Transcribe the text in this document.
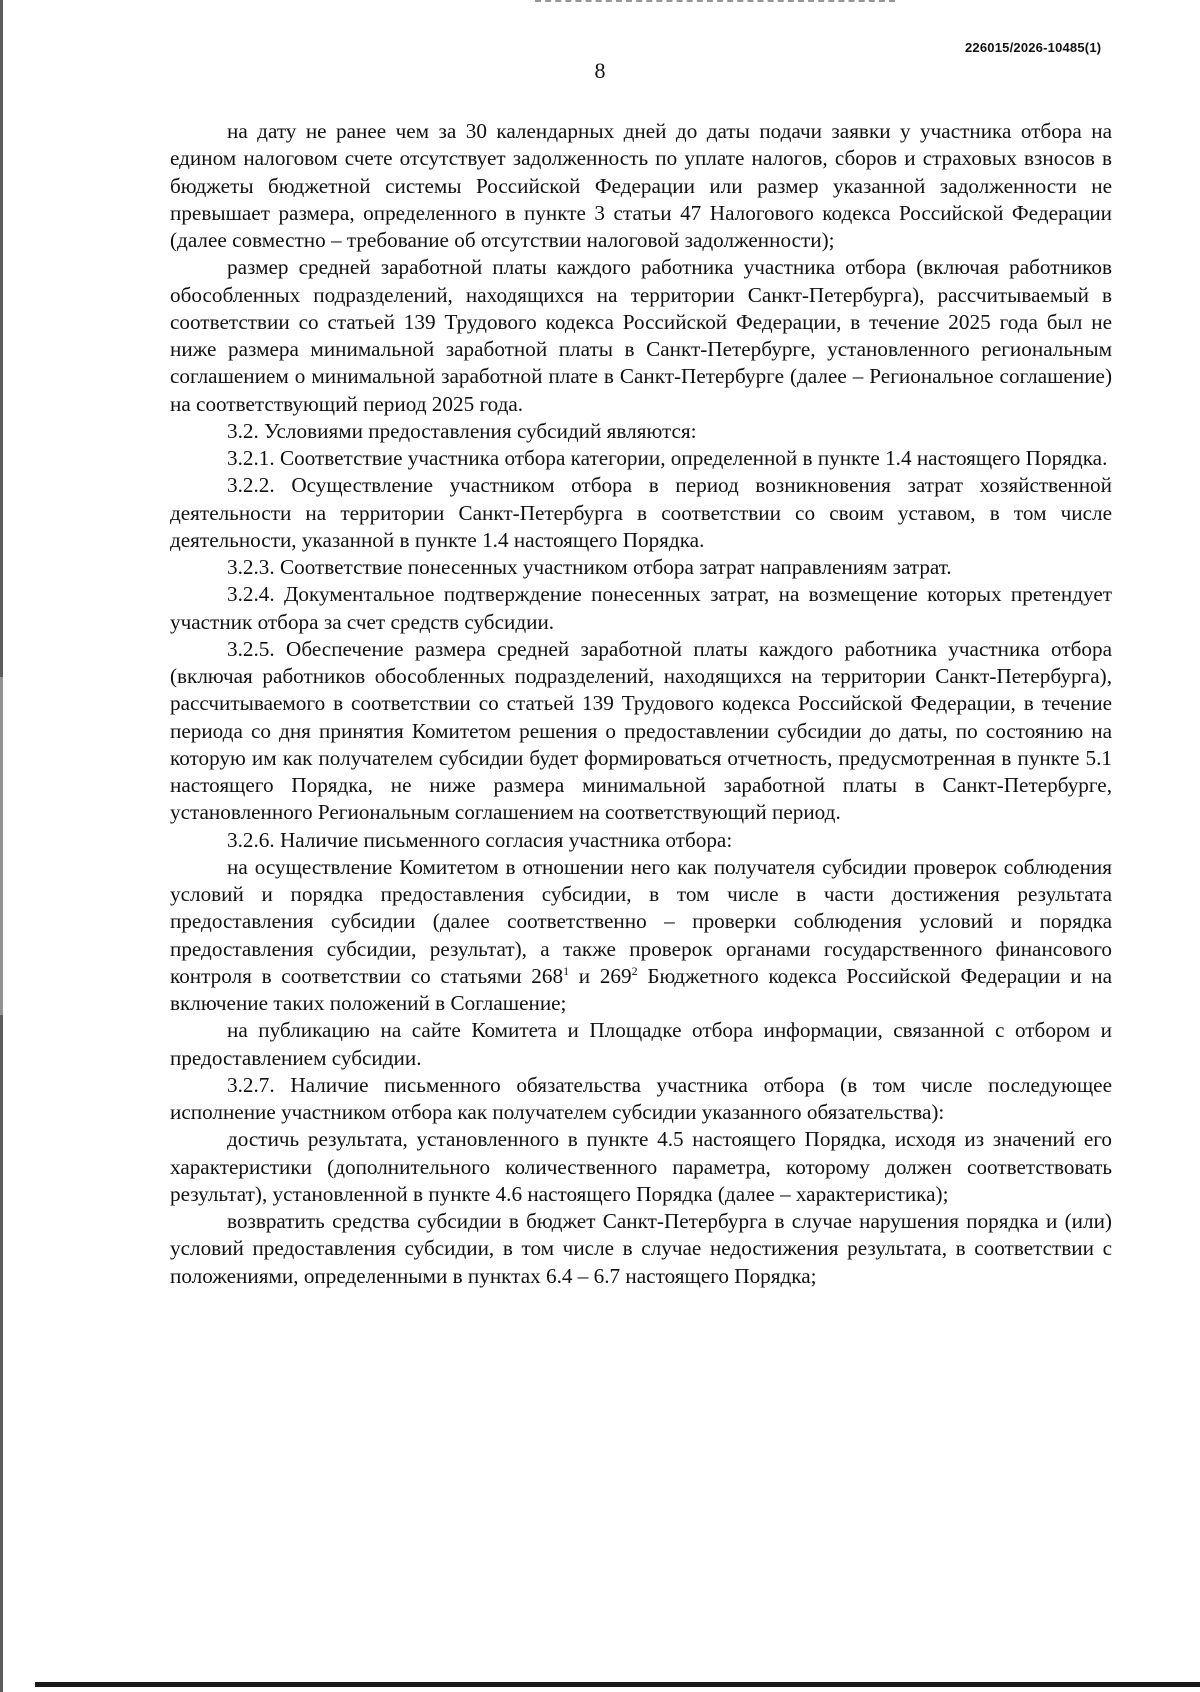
226015/2026-10485(1)
8

на дату не ранее чем за 30 календарных дней до даты подачи заявки у участника отбора на едином налоговом счете отсутствует задолженность по уплате налогов, сборов и страховых взносов в бюджеты бюджетной системы Российской Федерации или размер указанной задолженности не превышает размера, определенного в пункте 3 статьи 47 Налогового кодекса Российской Федерации (далее совместно – требование об отсутствии налоговой задолженности);

размер средней заработной платы каждого работника участника отбора (включая работников обособленных подразделений, находящихся на территории Санкт-Петербурга), рассчитываемый в соответствии со статьей 139 Трудового кодекса Российской Федерации, в течение 2025 года был не ниже размера минимальной заработной платы в Санкт-Петербурге, установленного региональным соглашением о минимальной заработной плате в Санкт-Петербурге (далее – Региональное соглашение) на соответствующий период 2025 года.

3.2. Условиями предоставления субсидий являются:

3.2.1. Соответствие участника отбора категории, определенной в пункте 1.4 настоящего Порядка.

3.2.2. Осуществление участником отбора в период возникновения затрат хозяйственной деятельности на территории Санкт-Петербурга в соответствии со своим уставом, в том числе деятельности, указанной в пункте 1.4 настоящего Порядка.

3.2.3. Соответствие понесенных участником отбора затрат направлениям затрат.

3.2.4. Документальное подтверждение понесенных затрат, на возмещение которых претендует участник отбора за счет средств субсидии.

3.2.5. Обеспечение размера средней заработной платы каждого работника участника отбора (включая работников обособленных подразделений, находящихся на территории Санкт-Петербурга), рассчитываемого в соответствии со статьей 139 Трудового кодекса Российской Федерации, в течение периода со дня принятия Комитетом решения о предоставлении субсидии до даты, по состоянию на которую им как получателем субсидии будет формироваться отчетность, предусмотренная в пункте 5.1 настоящего Порядка, не ниже размера минимальной заработной платы в Санкт-Петербурге, установленного Региональным соглашением на соответствующий период.

3.2.6. Наличие письменного согласия участника отбора:

на осуществление Комитетом в отношении него как получателя субсидии проверок соблюдения условий и порядка предоставления субсидии, в том числе в части достижения результата предоставления субсидии (далее соответственно – проверки соблюдения условий и порядка предоставления субсидии, результат), а также проверок органами государственного финансового контроля в соответствии со статьями $268^1$ и $269^2$ Бюджетного кодекса Российской Федерации и на включение таких положений в Соглашение;

на публикацию на сайте Комитета и Площадке отбора информации, связанной с отбором и предоставлением субсидии.

3.2.7. Наличие письменного обязательства участника отбора (в том числе последующее исполнение участником отбора как получателем субсидии указанного обязательства):

достичь результата, установленного в пункте 4.5 настоящего Порядка, исходя из значений его характеристики (дополнительного количественного параметра, которому должен соответствовать результат), установленной в пункте 4.6 настоящего Порядка (далее – характеристика);

возвратить средства субсидии в бюджет Санкт-Петербурга в случае нарушения порядка и (или) условий предоставления субсидии, в том числе в случае недостижения результата, в соответствии с положениями, определенными в пунктах 6.4 – 6.7 настоящего Порядка;
